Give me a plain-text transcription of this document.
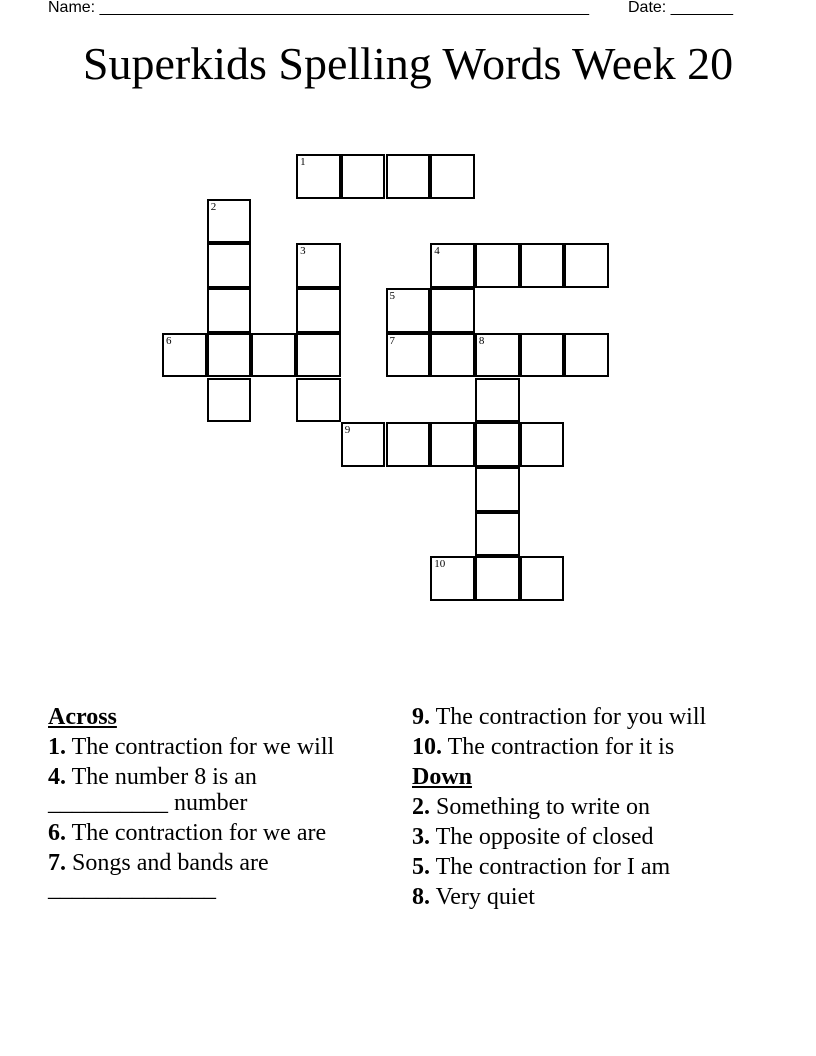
Name: _______________________________________________________ Date: _______
Superkids Spelling Words Week 20
1
2
3	4
5
6	7	8
9
10
Across
1. The contraction for we will
4. The number 8 is an __________ number
6. The contraction for we are
7. Songs and bands are ______________
9. The contraction for you will
10. The contraction for it is
Down
2. Something to write on
3. The opposite of closed
5. The contraction for I am
8. Very quiet
